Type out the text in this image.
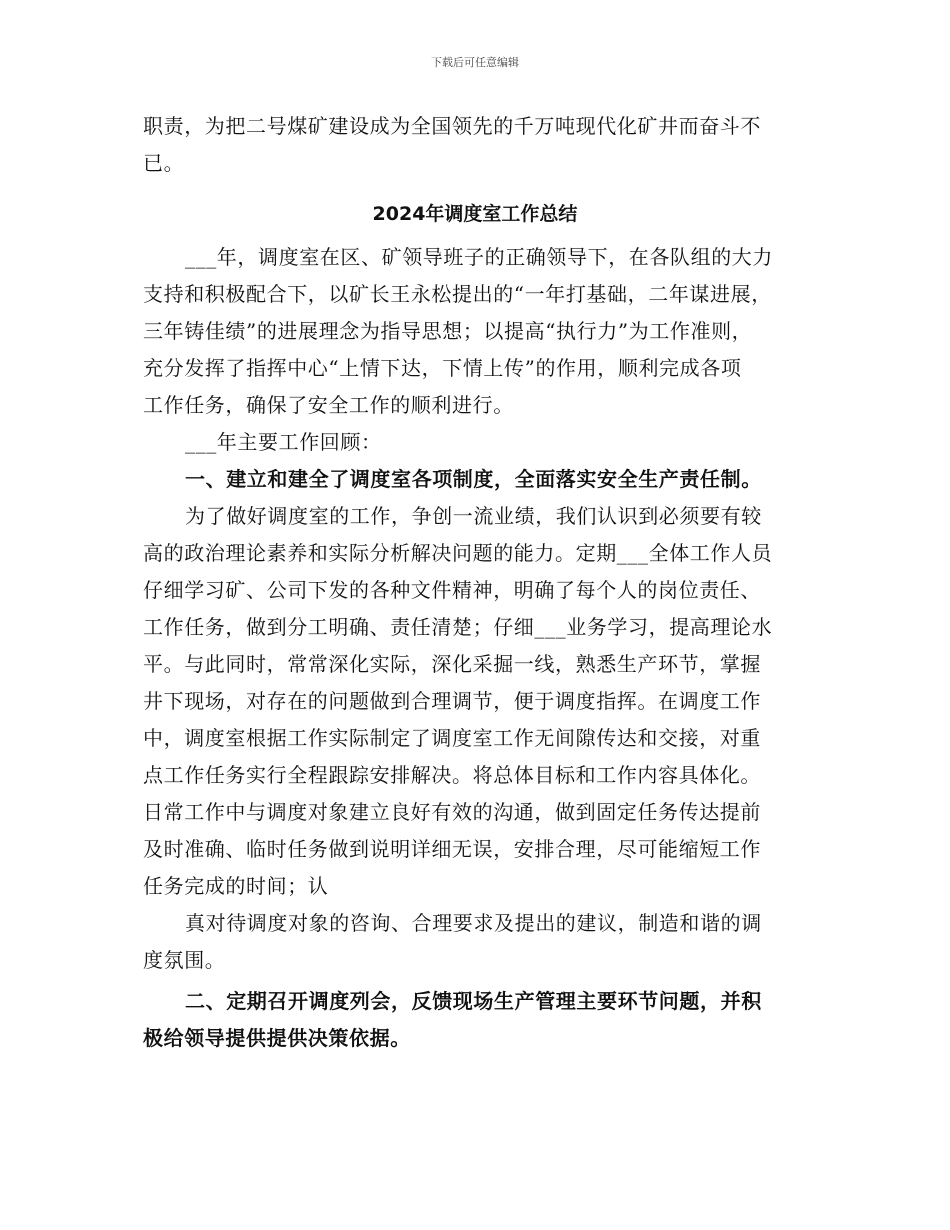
下载后可任意编辑
职责，为把二号煤矿建设成为全国领先的千万吨现代化矿井而奋斗不
已。
2024年调度室工作总结
___年，调度室在区、矿领导班子的正确领导下，在各队组的大力
支持和积极配合下，以矿长王永松提出的“一年打基础，二年谋进展，
三年铸佳绩”的进展理念为指导思想；以提高“执行力”为工作准则，
充分发挥了指挥中心“上情下达，下情上传”的作用，顺利完成各项
工作任务，确保了安全工作的顺利进行。
___年主要工作回顾：
一、建立和建全了调度室各项制度，全面落实安全生产责任制。
为了做好调度室的工作，争创一流业绩，我们认识到必须要有较
高的政治理论素养和实际分析解决问题的能力。定期___全体工作人员
仔细学习矿、公司下发的各种文件精神，明确了每个人的岗位责任、
工作任务，做到分工明确、责任清楚；仔细___业务学习，提高理论水
平。与此同时，常常深化实际，深化采掘一线，熟悉生产环节，掌握
井下现场，对存在的问题做到合理调节，便于调度指挥。在调度工作
中，调度室根据工作实际制定了调度室工作无间隙传达和交接，对重
点工作任务实行全程跟踪安排解决。将总体目标和工作内容具体化。
日常工作中与调度对象建立良好有效的沟通，做到固定任务传达提前
及时准确、临时任务做到说明详细无误，安排合理，尽可能缩短工作
任务完成的时间；认
真对待调度对象的咨询、合理要求及提出的建议，制造和谐的调
度氛围。
二、定期召开调度列会，反馈现场生产管理主要环节问题，并积
极给领导提供提供决策依据。
